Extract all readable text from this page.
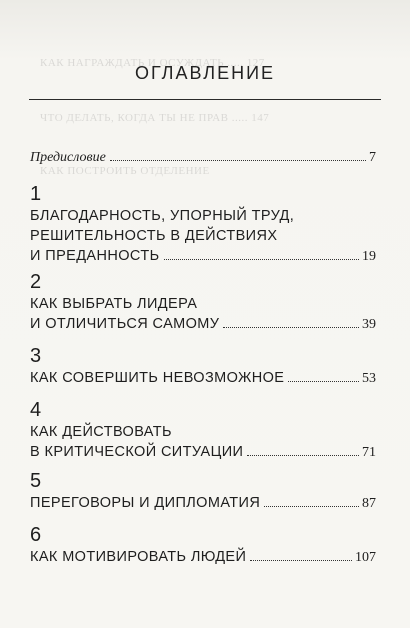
КАК НАГРАЖДАТЬ И ОСУЖДАТЬ ..... 127
ЧТО ДЕЛАТЬ, КОГДА ТЫ НЕ ПРАВ ..... 147
КАК ПОСТРОИТЬ ОТДЕЛЕНИЕ
ОГЛАВЛЕНИЕ
Предисловие	7
1
БЛАГОДАРНОСТЬ, УПОРНЫЙ ТРУД,
РЕШИТЕЛЬНОСТЬ В ДЕЙСТВИЯХ
И ПРЕДАННОСТЬ	19
2
КАК ВЫБРАТЬ ЛИДЕРА
И ОТЛИЧИТЬСЯ САМОМУ	39
3
КАК СОВЕРШИТЬ НЕВОЗМОЖНОЕ	53
4
КАК ДЕЙСТВОВАТЬ
В КРИТИЧЕСКОЙ СИТУАЦИИ	71
5
ПЕРЕГОВОРЫ И ДИПЛОМАТИЯ	87
6
КАК МОТИВИРОВАТЬ ЛЮДЕЙ	107
